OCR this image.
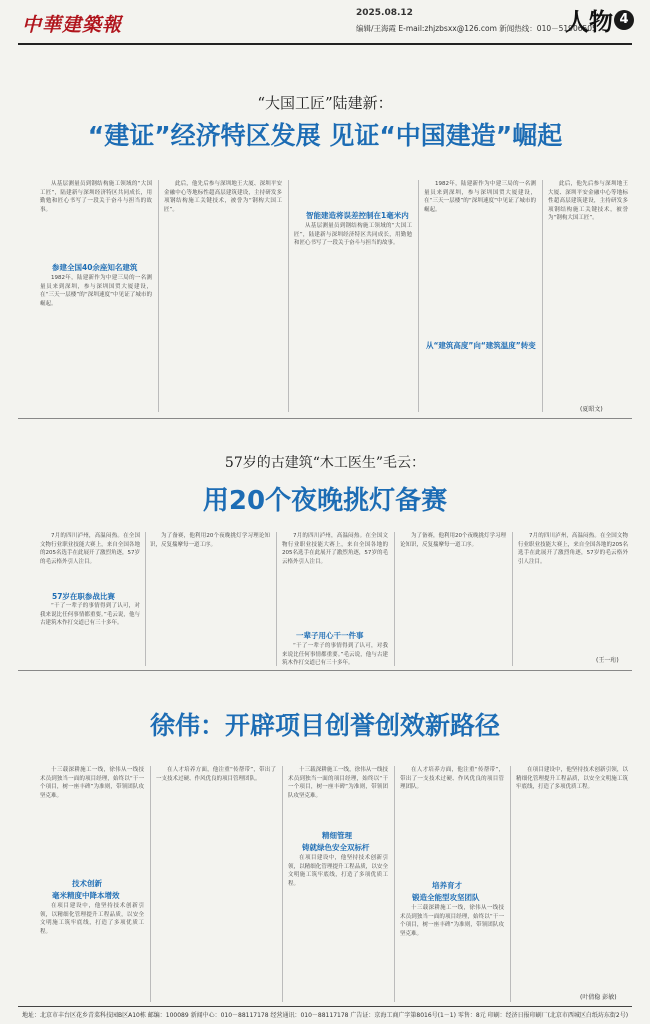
中華建築報
2025.08.12
编辑/王海霞 E-mail:zhjzbsxx@126.com 新闻热线：010－51906505
人物 4
“大国工匠”陆建新：
“建证”经济特区发展 见证“中国建造”崛起

从基层测量员到钢结构施工领域的“大国工匠”，陆建新与深圳经济特区共同成长，用勤勉和匠心书写了一段关于奋斗与担当的故事。

参建全国40余座知名建筑

1982年，陆建新作为中建三局的一名测量员来到深圳，参与深圳国贸大厦建设，在“三天一层楼”的“深圳速度”中见证了城市的崛起。

此后，他先后参与深圳地王大厦、深圳平安金融中心等地标性超高层建筑建设，主持研发多项钢结构施工关键技术，被誉为“钢构大国工匠”。

智能建造将误差控制在1毫米内

从基层测量员到钢结构施工领域的“大国工匠”，陆建新与深圳经济特区共同成长，用勤勉和匠心书写了一段关于奋斗与担当的故事。

从“建筑高度”向“建筑温度”转变

1982年，陆建新作为中建三局的一名测量员来到深圳，参与深圳国贸大厦建设，在“三天一层楼”的“深圳速度”中见证了城市的崛起。

此后，他先后参与深圳地王大厦、深圳平安金融中心等地标性超高层建筑建设，主持研发多项钢结构施工关键技术，被誉为“钢构大国工匠”。

(夏昭文)
57岁的古建筑“木工医生”毛云：
用20个夜晚挑灯备赛

7月的四川泸州，高温闷热。在全国文物行业职业技能大赛上，来自全国各地的205名选手在此展开了激烈角逐，57岁的毛云格外引人注目。

57岁在职参战比赛

“干了一辈子的事情得到了认可，对我来说比任何事情都重要。”毛云说，他与古建筑木作打交道已有三十多年。

为了备赛，他利用20个夜晚挑灯学习理论知识，反复揣摩每一道工序。

7月的四川泸州，高温闷热。在全国文物行业职业技能大赛上，来自全国各地的205名选手在此展开了激烈角逐，57岁的毛云格外引人注目。

一辈子用心干一件事

“干了一辈子的事情得到了认可，对我来说比任何事情都重要。”毛云说，他与古建筑木作打交道已有三十多年。

为了备赛，他利用20个夜晚挑灯学习理论知识，反复揣摩每一道工序。

7月的四川泸州，高温闷热。在全国文物行业职业技能大赛上，来自全国各地的205名选手在此展开了激烈角逐，57岁的毛云格外引人注目。

(王一珩)
徐伟：开辟项目创誉创效新路径

十三载深耕施工一线，徐伟从一线技术员到独当一面的项目经理，始终以“干一个项目，树一座丰碑”为准则，带领团队攻坚克难。

技术创新
毫米精度中降本增效

在项目建设中，他坚持技术创新引领，以精细化管理提升工程品质，以安全文明施工筑牢底线，打造了多项优质工程。

在人才培养方面，他注重“传帮带”，带出了一支技术过硬、作风优良的项目管理团队。

十三载深耕施工一线，徐伟从一线技术员到独当一面的项目经理，始终以“干一个项目，树一座丰碑”为准则，带领团队攻坚克难。

精细管理
铸就绿色安全双标杆

在项目建设中，他坚持技术创新引领，以精细化管理提升工程品质，以安全文明施工筑牢底线，打造了多项优质工程。

在人才培养方面，他注重“传帮带”，带出了一支技术过硬、作风优良的项目管理团队。

培养育才
锻造全能型攻坚团队

十三载深耕施工一线，徐伟从一线技术员到独当一面的项目经理，始终以“干一个项目，树一座丰碑”为准则，带领团队攻坚克难。

在项目建设中，他坚持技术创新引领，以精细化管理提升工程品质，以安全文明施工筑牢底线，打造了多项优质工程。

(叶倩稳 彭敏)
地址：北京市丰台区花乡青菜科技园B区A10栋 邮编：100089 新闻中心：010－88117178 经营通讯：010－88117178 广告证：京海工商广字第8016号(1－1) 零售：8元 印刷：经济日报印刷厂(北京市西城区白纸坊东街2号)
